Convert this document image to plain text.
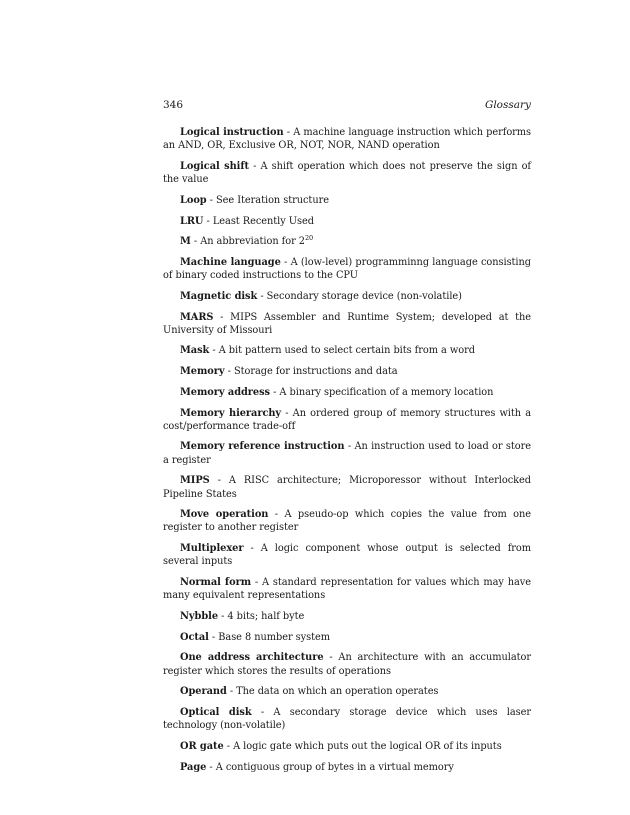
346	Glossary

Logical instruction - A machine language instruction which performs an AND, OR, Exclusive OR, NOT, NOR, NAND operation

Logical shift - A shift operation which does not preserve the sign of the value

Loop - See Iteration structure

LRU - Least Recently Used

M - An abbreviation for $2^{20}$

Machine language - A (low-level) programminng language consisting of binary coded instructions to the CPU

Magnetic disk - Secondary storage device (non-volatile)

MARS - MIPS Assembler and Runtime System; developed at the University of Missouri

Mask - A bit pattern used to select certain bits from a word

Memory - Storage for instructions and data

Memory address - A binary specification of a memory location

Memory hierarchy - An ordered group of memory structures with a cost/performance trade-off

Memory reference instruction - An instruction used to load or store a register

MIPS - A RISC architecture; Microporessor without Interlocked Pipeline States

Move operation - A pseudo-op which copies the value from one register to another register

Multiplexer - A logic component whose output is selected from several inputs

Normal form - A standard representation for values which may have many equivalent representations

Nybble - 4 bits; half byte

Octal - Base 8 number system

One address architecture - An architecture with an accumulator register which stores the results of operations

Operand - The data on which an operation operates

Optical disk - A secondary storage device which uses laser technology (non-volatile)

OR gate - A logic gate which puts out the logical OR of its inputs

Page - A contiguous group of bytes in a virtual memory
